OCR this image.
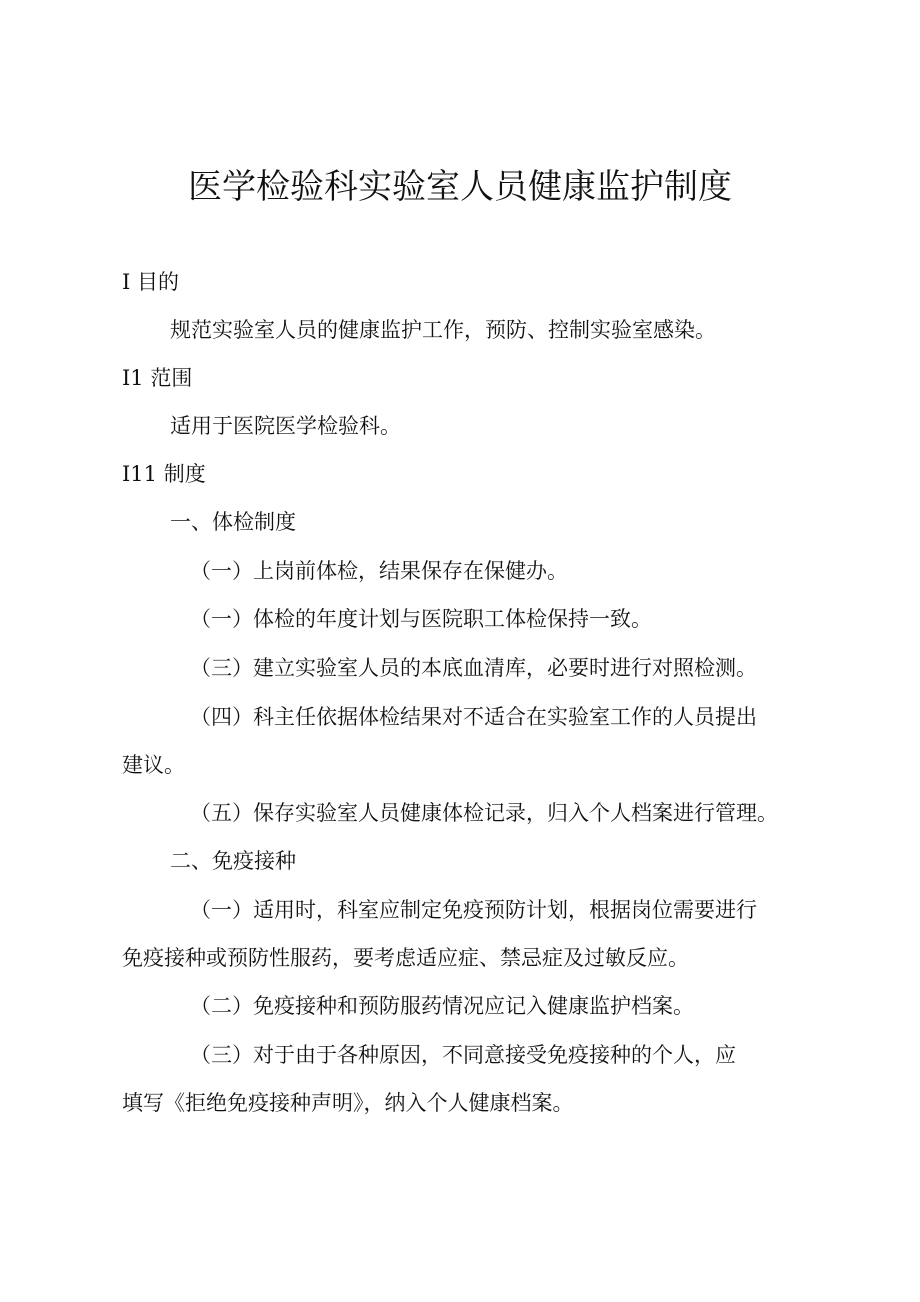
医学检验科实验室人员健康监护制度
I 目的
规范实验室人员的健康监护工作，预防、控制实验室感染。
I1 范围
适用于医院医学检验科。
I11 制度
一、体检制度
（一）上岗前体检，结果保存在保健办。
（一）体检的年度计划与医院职工体检保持一致。
（三）建立实验室人员的本底血清库，必要时进行对照检测。
（四）科主任依据体检结果对不适合在实验室工作的人员提出
建议。
（五）保存实验室人员健康体检记录，归入个人档案进行管理。
二、免疫接种
（一）适用时，科室应制定免疫预防计划，根据岗位需要进行
免疫接种或预防性服药，要考虑适应症、禁忌症及过敏反应。
（二）免疫接种和预防服药情况应记入健康监护档案。
（三）对于由于各种原因，不同意接受免疫接种的个人，应
填写《拒绝免疫接种声明》，纳入个人健康档案。
